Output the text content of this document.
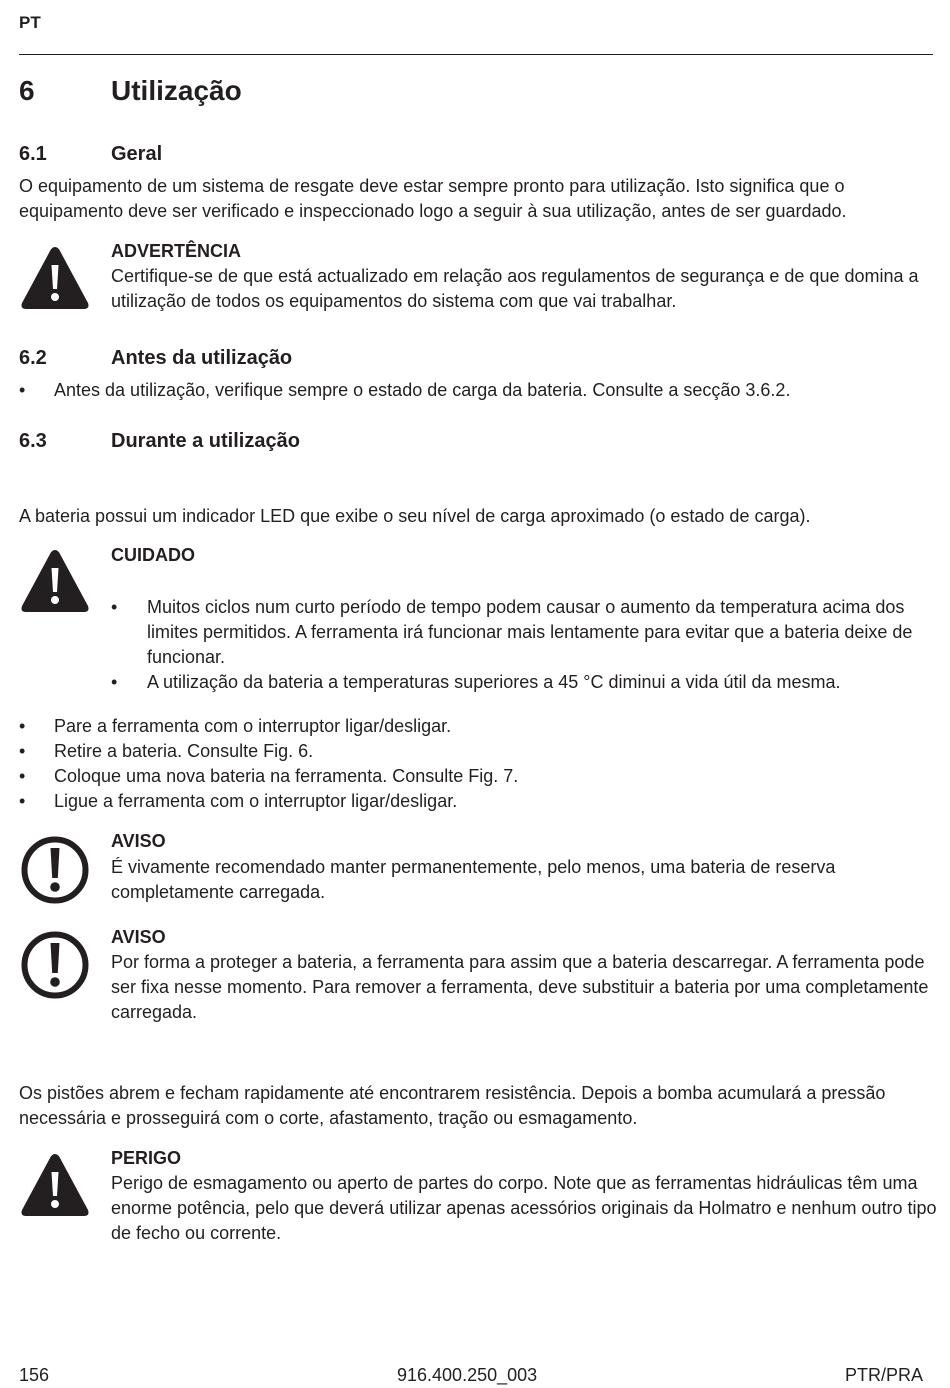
PT
6	Utilização
6.1	Geral
O equipamento de um sistema de resgate deve estar sempre pronto para utilização. Isto significa que o equipamento deve ser verificado e inspeccionado logo a seguir à sua utilização, antes de ser guardado.
ADVERTÊNCIA
Certifique-se de que está actualizado em relação aos regulamentos de segurança e de que domina a utilização de todos os equipamentos do sistema com que vai trabalhar.
6.2	Antes da utilização
• Antes da utilização, verifique sempre o estado de carga da bateria. Consulte a secção 3.6.2.
6.3	Durante a utilização
A bateria possui um indicador LED que exibe o seu nível de carga aproximado (o estado de carga).
CUIDADO
• Muitos ciclos num curto período de tempo podem causar o aumento da temperatura acima dos limites permitidos. A ferramenta irá funcionar mais lentamente para evitar que a bateria deixe de funcionar.
• A utilização da bateria a temperaturas superiores a 45 °C diminui a vida útil da mesma.
• Pare a ferramenta com o interruptor ligar/desligar.
• Retire a bateria. Consulte Fig. 6.
• Coloque uma nova bateria na ferramenta. Consulte Fig. 7.
• Ligue a ferramenta com o interruptor ligar/desligar.
AVISO
É vivamente recomendado manter permanentemente, pelo menos, uma bateria de reserva completamente carregada.
AVISO
Por forma a proteger a bateria, a ferramenta para assim que a bateria descarregar. A ferramenta pode ser fixa nesse momento. Para remover a ferramenta, deve substituir a bateria por uma completamente carregada.
Os pistões abrem e fecham rapidamente até encontrarem resistência. Depois a bomba acumulará a pressão necessária e prosseguirá com o corte, afastamento, tração ou esmagamento.
PERIGO
Perigo de esmagamento ou aperto de partes do corpo. Note que as ferramentas hidráulicas têm uma enorme potência, pelo que deverá utilizar apenas acessórios originais da Holmatro e nenhum outro tipo de fecho ou corrente.
156	916.400.250_003	PTR/PRA
